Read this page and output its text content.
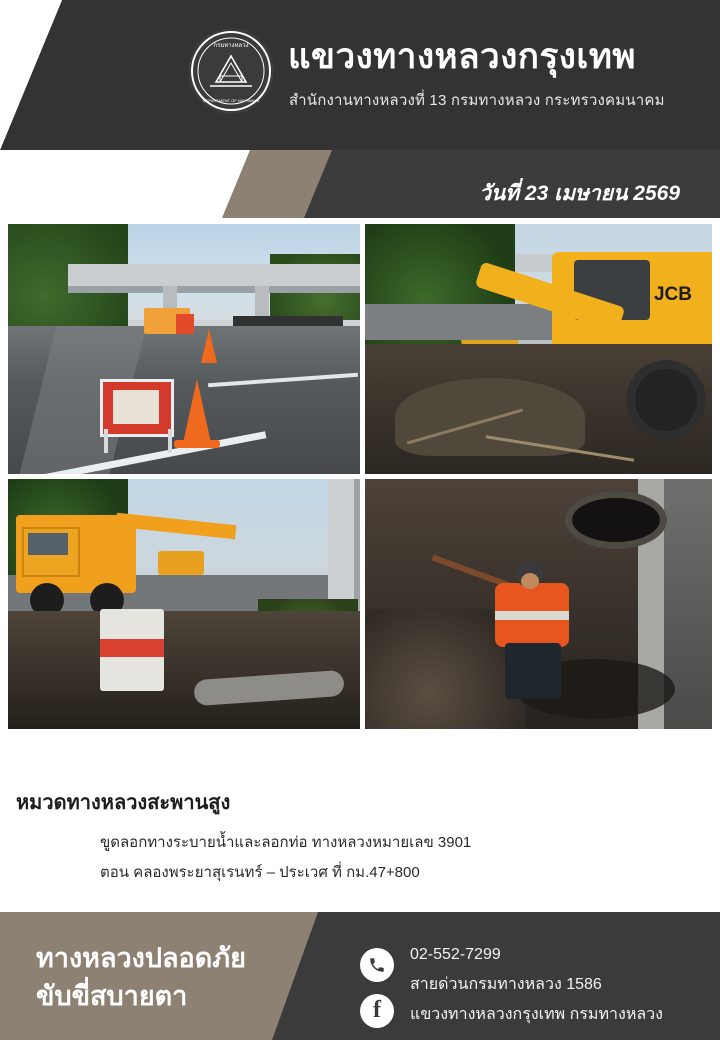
กรมทางหลวง
DEPARTMENT OF HIGHWAYS
แขวงทางหลวงกรุงเทพ
สำนักงานทางหลวงที่ 13 กรมทางหลวง กระทรวงคมนาคม
วันที่ 23 เมษายน 2569
JCB
หมวดทางหลวงสะพานสูง
ขูดลอกทางระบายน้ำและลอกท่อ ทางหลวงหมายเลข 3901
ตอน คลองพระยาสุเรนทร์ – ประเวศ ที่ กม.47+800
ทางหลวงปลอดภัย
ขับขี่สบายตา	f
02-552-7299
สายด่วนกรมทางหลวง 1586
แขวงทางหลวงกรุงเทพ กรมทางหลวง
